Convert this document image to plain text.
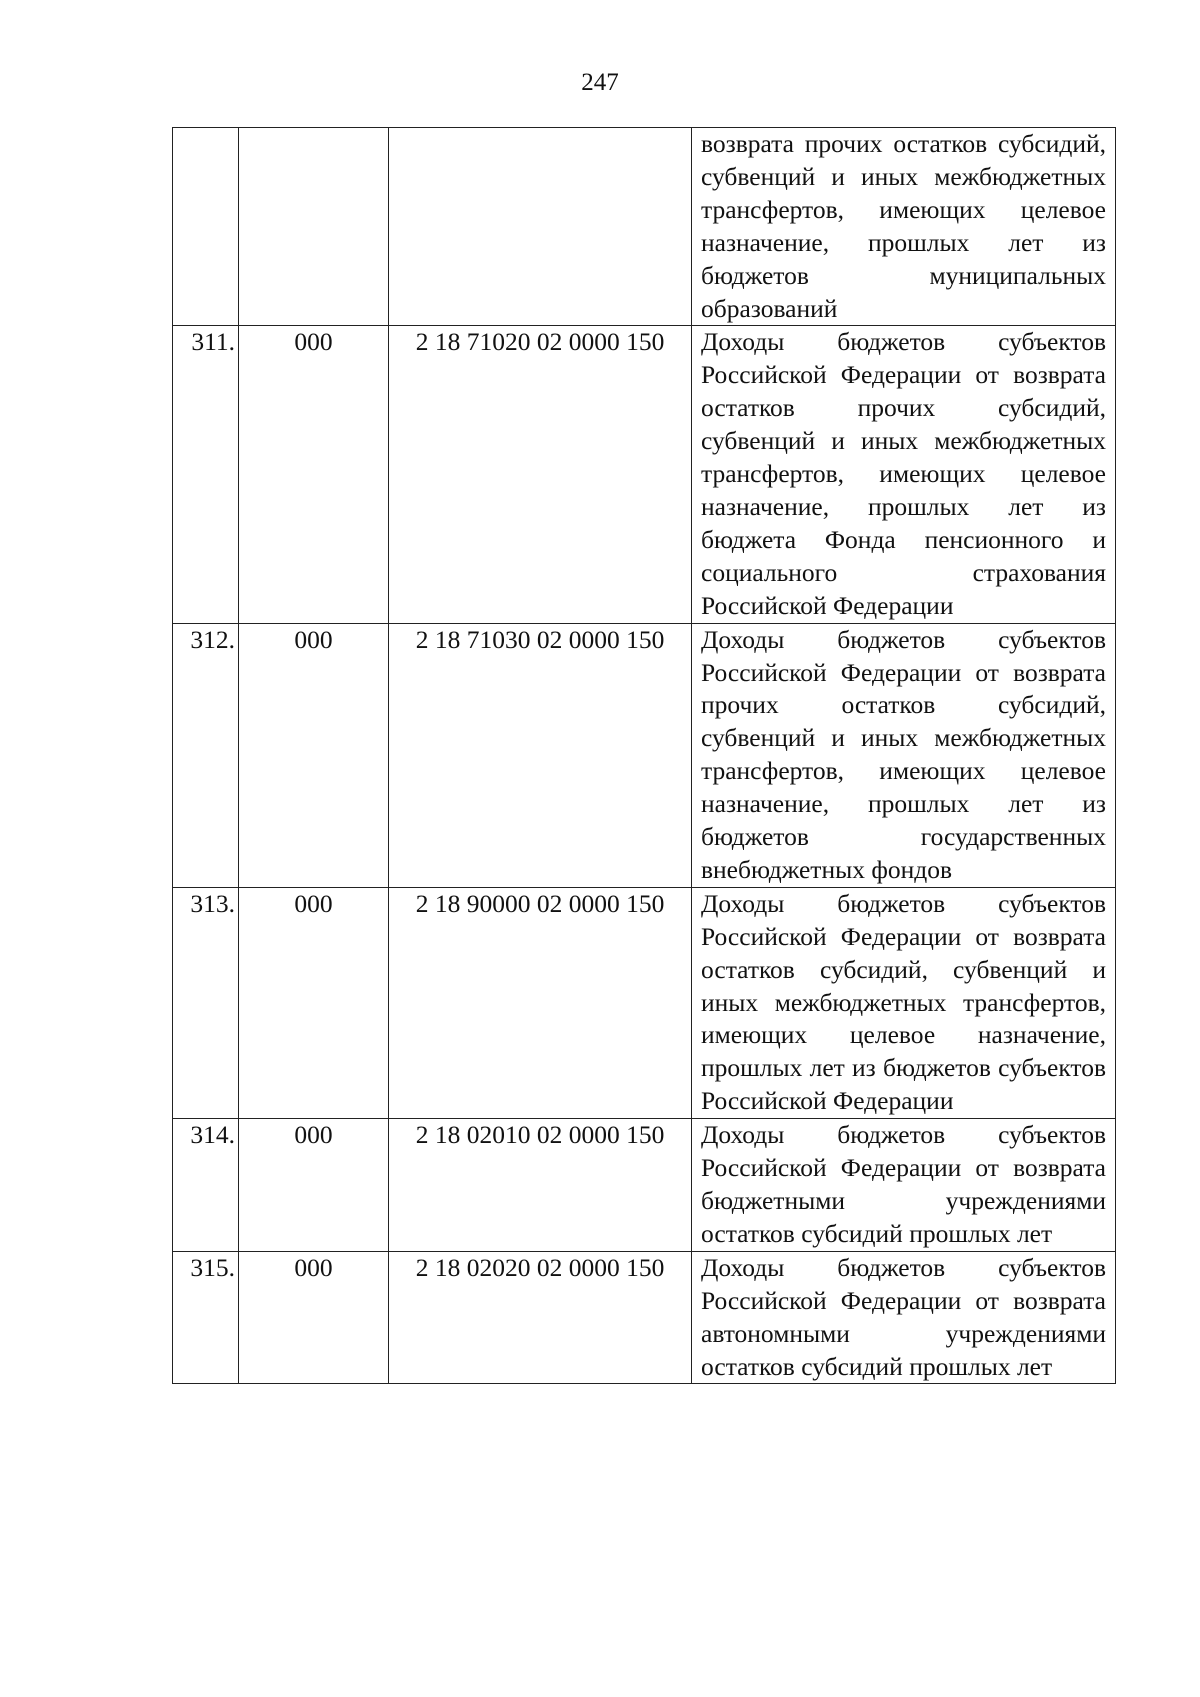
247
			возврата прочих остатков субсидий, субвенций и иных межбюджетных трансфертов, имеющих целевое назначение, прошлых лет из бюджетов муниципальных образований
311.	000	2 18 71020 02 0000 150	Доходы бюджетов субъектов Российской Федерации от возврата остатков прочих субсидий, субвенций и иных межбюджетных трансфертов, имеющих целевое назначение, прошлых лет из бюджета Фонда пенсионного и социального страхования Российской Федерации
312.	000	2 18 71030 02 0000 150	Доходы бюджетов субъектов Российской Федерации от возврата прочих остатков субсидий, субвенций и иных межбюджетных трансфертов, имеющих целевое назначение, прошлых лет из бюджетов государственных внебюджетных фондов
313.	000	2 18 90000 02 0000 150	Доходы бюджетов субъектов Российской Федерации от возврата остатков субсидий, субвенций и иных межбюджетных трансфертов, имеющих целевое назначение, прошлых лет из бюджетов субъектов Российской Федерации
314.	000	2 18 02010 02 0000 150	Доходы бюджетов субъектов Российской Федерации от возврата бюджетными учреждениями остатков субсидий прошлых лет
315.	000	2 18 02020 02 0000 150	Доходы бюджетов субъектов Российской Федерации от возврата автономными учреждениями остатков субсидий прошлых лет
